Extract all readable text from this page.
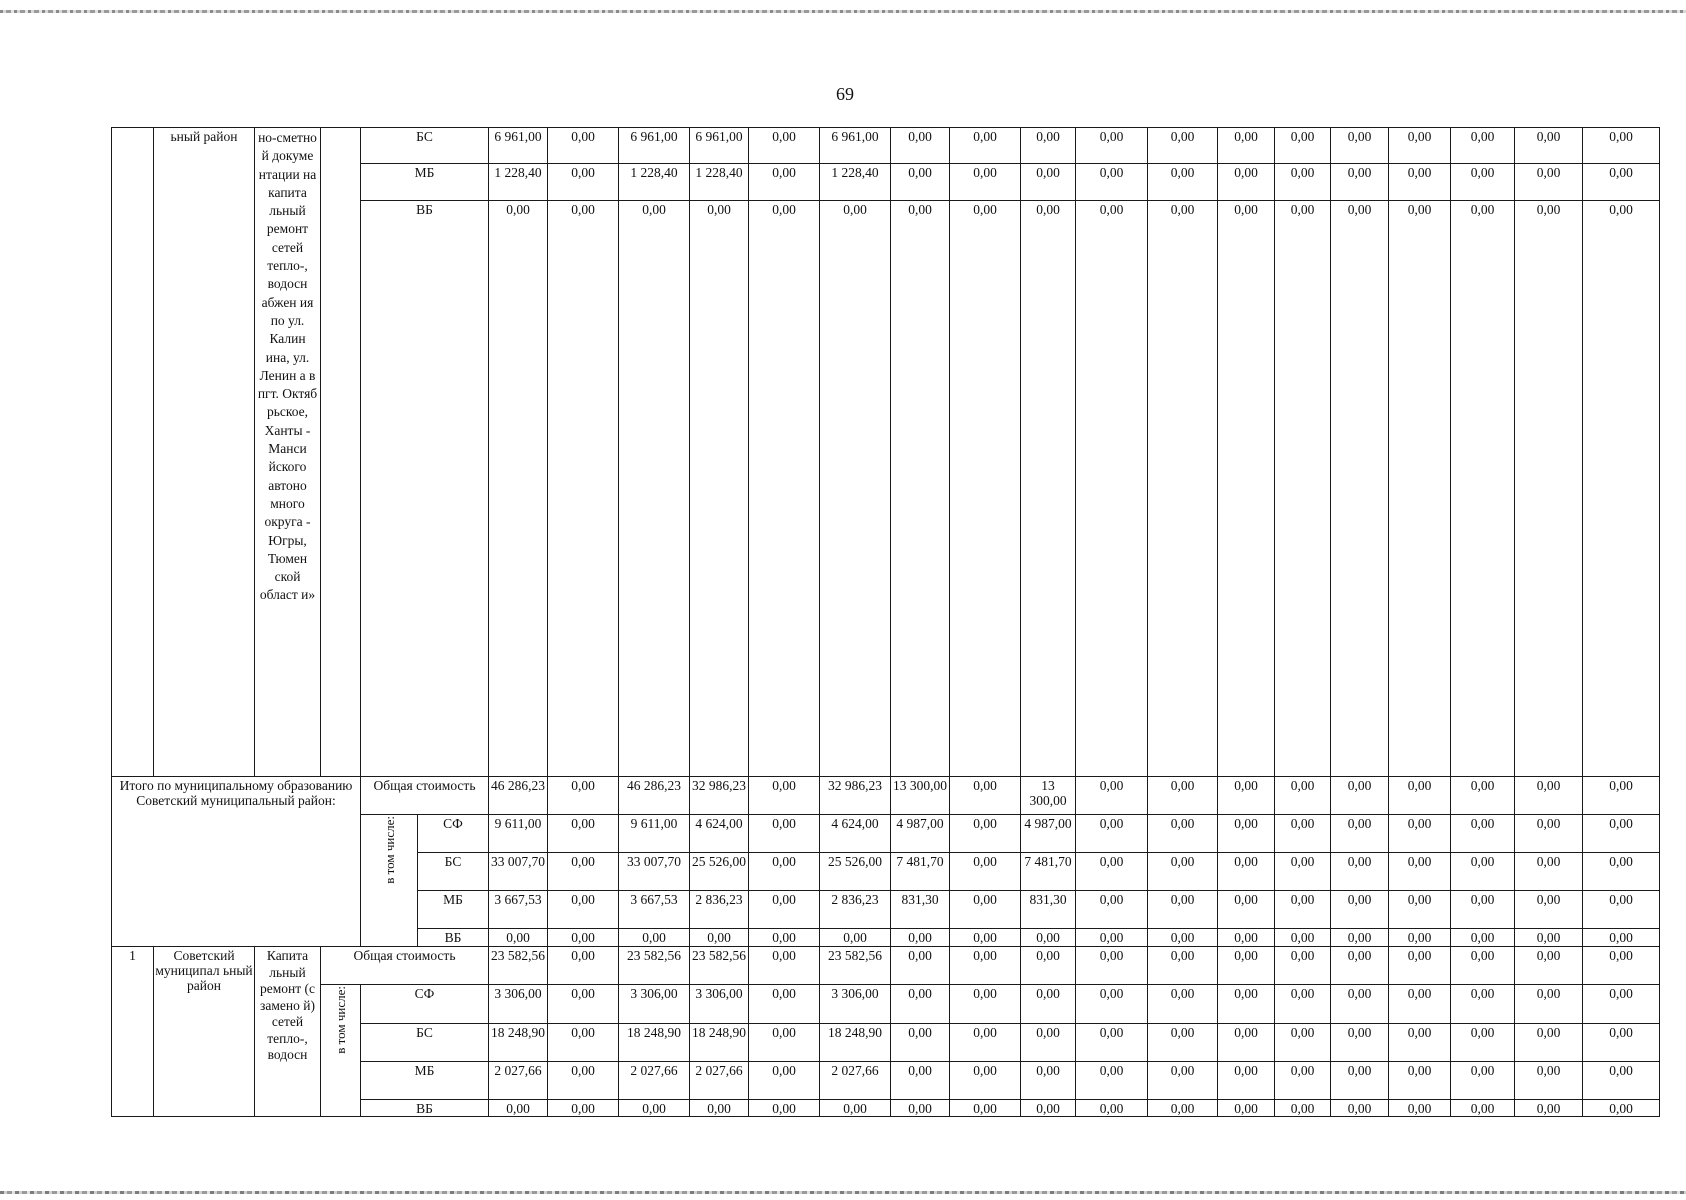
69
	ьный район	но-сметно й докуме нтации на капита льный ремонт сетей тепло-, водосн абжен ия по ул. Калин ина, ул. Ленин а в пгт. Октяб рьское, Ханты - Манси йского автоно много округа - Югры, Тюмен ской област и»		БС		6 961,00	0,00	6 961,00	6 961,00	0,00	6 961,00	0,00	0,00	0,00	0,00	0,00	0,00	0,00	0,00	0,00	0,00	0,00	0,00
				МБ		1 228,40	0,00	1 228,40	1 228,40	0,00	1 228,40	0,00	0,00	0,00	0,00	0,00	0,00	0,00	0,00	0,00	0,00	0,00	0,00
				ВБ		0,00	0,00	0,00	0,00	0,00	0,00	0,00	0,00	0,00	0,00	0,00	0,00	0,00	0,00	0,00	0,00	0,00	0,00
Итого по муниципальному образованию Советский муниципальный район:				Общая стоимость		46 286,23	0,00	46 286,23	32 986,23	0,00	32 986,23	13 300,00	0,00	13 300,00	0,00	0,00	0,00	0,00	0,00	0,00	0,00	0,00	0,00
				в том числе:	СФ	9 611,00	0,00	9 611,00	4 624,00	0,00	4 624,00	4 987,00	0,00	4 987,00	0,00	0,00	0,00	0,00	0,00	0,00	0,00	0,00	0,00
					БС	33 007,70	0,00	33 007,70	25 526,00	0,00	25 526,00	7 481,70	0,00	7 481,70	0,00	0,00	0,00	0,00	0,00	0,00	0,00	0,00	0,00
					МБ	3 667,53	0,00	3 667,53	2 836,23	0,00	2 836,23	831,30	0,00	831,30	0,00	0,00	0,00	0,00	0,00	0,00	0,00	0,00	0,00
					ВБ	0,00	0,00	0,00	0,00	0,00	0,00	0,00	0,00	0,00	0,00	0,00	0,00	0,00	0,00	0,00	0,00	0,00	0,00
1	Советский муниципал ьный район	Капита льный ремонт (с замено й) сетей тепло-, водосн	Общая стоимость			23 582,56	0,00	23 582,56	23 582,56	0,00	23 582,56	0,00	0,00	0,00	0,00	0,00	0,00	0,00	0,00	0,00	0,00	0,00	0,00
			в том числе:	СФ		3 306,00	0,00	3 306,00	3 306,00	0,00	3 306,00	0,00	0,00	0,00	0,00	0,00	0,00	0,00	0,00	0,00	0,00	0,00	0,00
				БС		18 248,90	0,00	18 248,90	18 248,90	0,00	18 248,90	0,00	0,00	0,00	0,00	0,00	0,00	0,00	0,00	0,00	0,00	0,00	0,00
				МБ		2 027,66	0,00	2 027,66	2 027,66	0,00	2 027,66	0,00	0,00	0,00	0,00	0,00	0,00	0,00	0,00	0,00	0,00	0,00	0,00
				ВБ		0,00	0,00	0,00	0,00	0,00	0,00	0,00	0,00	0,00	0,00	0,00	0,00	0,00	0,00	0,00	0,00	0,00	0,00
